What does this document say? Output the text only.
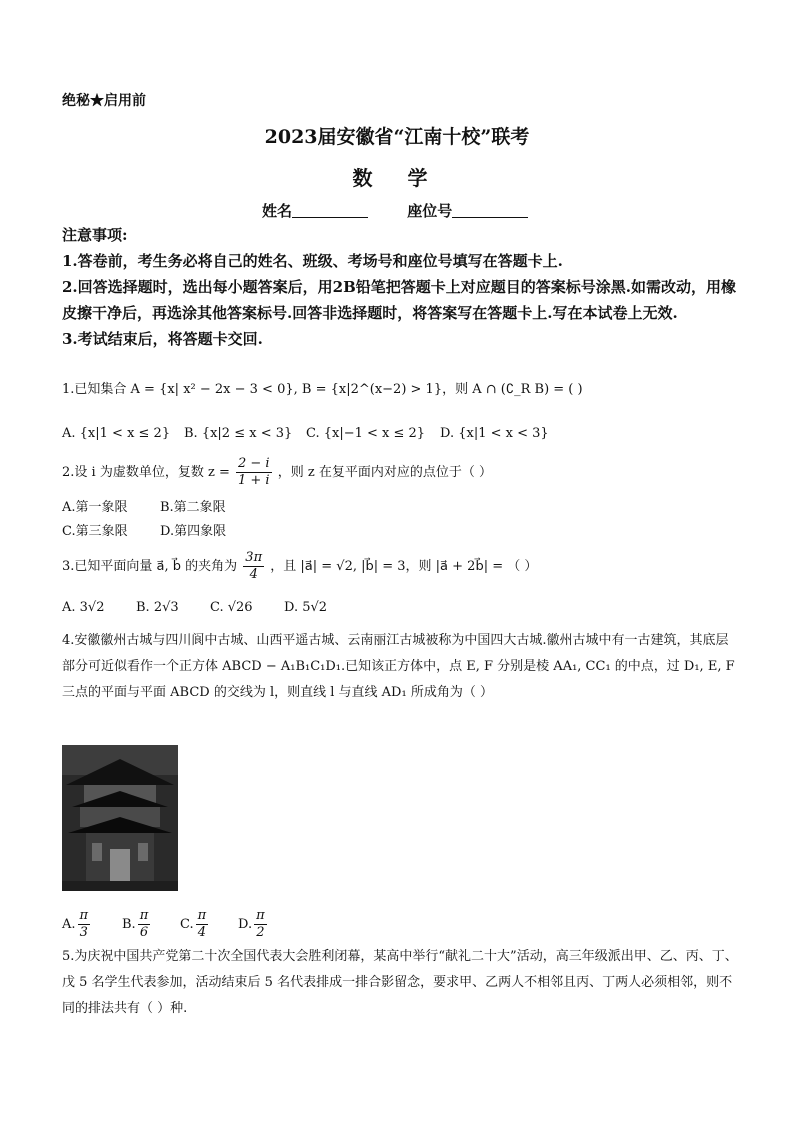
绝秘★启用前
2023届安徽省“江南十校”联考
数 学
姓名	座位号
注意事项:
1.答卷前，考生务必将自己的姓名、班级、考场号和座位号填写在答题卡上.
2.回答选择题时，选出每小题答案后，用2B铅笔把答题卡上对应题目的答案标号涂黑.如需改动，用橡皮擦干净后，再选涂其他答案标号.回答非选择题时，将答案写在答题卡上.写在本试卷上无效.
3.考试结束后，将答题卡交回.
1.已知集合 A = {x| x² − 2x − 3 < 0}, B = {x|2^(x−2) > 1}，则 A ∩ (∁_R B) = ( )
A. {x|1 < x ≤ 2} B. {x|2 ≤ x < 3} C. {x|−1 < x ≤ 2} D. {x|1 < x < 3}
2.设 i 为虚数单位，复数 $z = \frac{2 - i}{1 + i}$ ，则 z 在复平面内对应的点位于（ ）
A.第一象限 B.第二象限
C.第三象限 D.第四象限
3.已知平面向量 a⃗, b⃗ 的夹角为 $\frac{3\pi}{4}$ ，且 |a⃗| = √2, |b⃗| = 3，则 |a⃗ + 2b⃗| = （ ）
A. 3√2 B. 2√3 C. √26 D. 5√2
4.安徽徽州古城与四川阆中古城、山西平遥古城、云南丽江古城被称为中国四大古城.徽州古城中有一古建筑，其底层部分可近似看作一个正方体 ABCD − A₁B₁C₁D₁.已知该正方体中，点 E, F 分别是棱 AA₁, CC₁ 的中点，过 D₁, E, F 三点的平面与平面 ABCD 的交线为 l，则直线 l 与直线 AD₁ 所成角为（ ）
A. $\frac{\pi}{3} B$. $\frac{\pi}{6} C$. $\frac{\pi}{4} D$. $\frac{\pi}{2}$
5.为庆祝中国共产党第二十次全国代表大会胜利闭幕，某高中举行“献礼二十大”活动，高三年级派出甲、乙、丙、丁、戊 5 名学生代表参加，活动结束后 5 名代表排成一排合影留念，要求甲、乙两人不相邻且丙、丁两人必须相邻，则不同的排法共有（ ）种.
